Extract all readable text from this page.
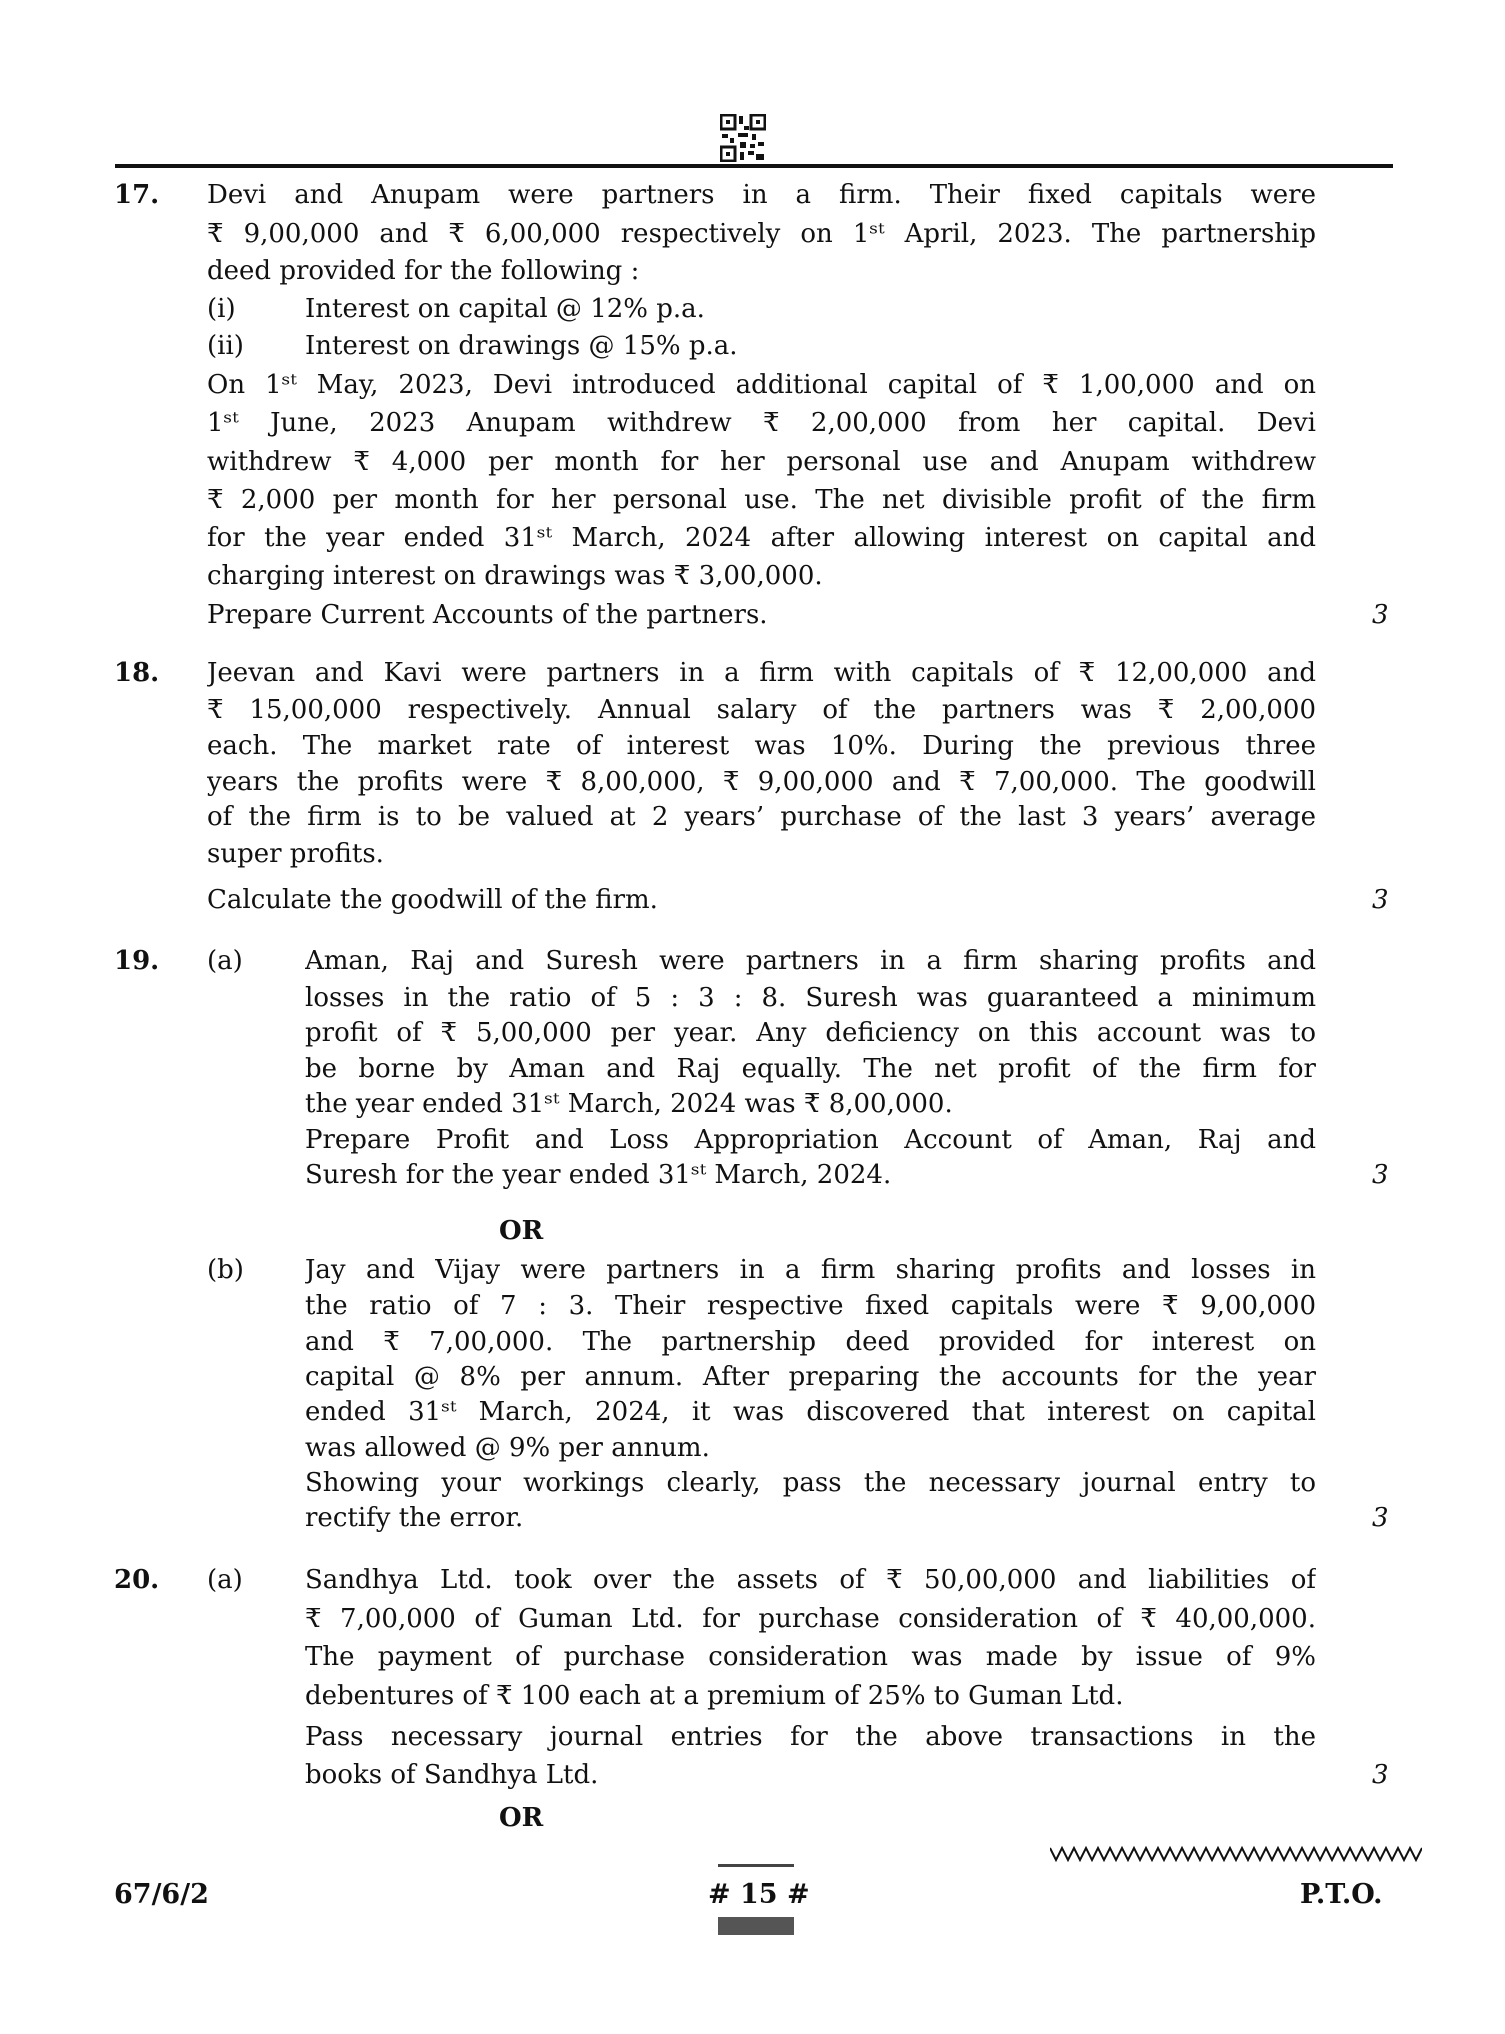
17. Devi and Anupam were partners in a firm. Their fixed capitals were
₹ 9,00,000 and ₹ 6,00,000 respectively on 1ˢᵗ April, 2023. The partnership
deed provided for the following :
(i)	Interest on capital @ 12% p.a.
(ii) Interest on drawings @ 15% p.a.
On 1ˢᵗ May, 2023, Devi introduced additional capital of ₹ 1,00,000 and on
1ˢᵗ June, 2023 Anupam withdrew ₹ 2,00,000 from her capital. Devi
withdrew ₹ 4,000 per month for her personal use and Anupam withdrew
₹ 2,000 per month for her personal use. The net divisible profit of the firm
for the year ended 31ˢᵗ March, 2024 after allowing interest on capital and
charging interest on drawings was ₹ 3,00,000.
Prepare Current Accounts of the partners.	3
18. Jeevan and Kavi were partners in a firm with capitals of ₹ 12,00,000 and
₹ 15,00,000 respectively. Annual salary of the partners was ₹ 2,00,000
each. The market rate of interest was 10%. During the previous three
years the profits were ₹ 8,00,000, ₹ 9,00,000 and ₹ 7,00,000. The goodwill
of the firm is to be valued at 2 years’ purchase of the last 3 years’ average
super profits.
Calculate the goodwill of the firm.	3
19. (a) Aman, Raj and Suresh were partners in a firm sharing profits and
losses in the ratio of 5 : 3 : 8. Suresh was guaranteed a minimum
profit of ₹ 5,00,000 per year. Any deficiency on this account was to
be borne by Aman and Raj equally. The net profit of the firm for
the year ended 31ˢᵗ March, 2024 was ₹ 8,00,000.
Prepare Profit and Loss Appropriation Account of Aman, Raj and
Suresh for the year ended 31ˢᵗ March, 2024.	3
OR
(b) Jay and Vijay were partners in a firm sharing profits and losses in
the ratio of 7 : 3. Their respective fixed capitals were ₹ 9,00,000
and ₹ 7,00,000. The partnership deed provided for interest on
capital @ 8% per annum. After preparing the accounts for the year
ended 31ˢᵗ March, 2024, it was discovered that interest on capital
was allowed @ 9% per annum.
Showing your workings clearly, pass the necessary journal entry to
rectify the error.	3
20. (a) Sandhya Ltd. took over the assets of ₹ 50,00,000 and liabilities of
₹ 7,00,000 of Guman Ltd. for purchase consideration of ₹ 40,00,000.
The payment of purchase consideration was made by issue of 9%
debentures of ₹ 100 each at a premium of 25% to Guman Ltd.
Pass necessary journal entries for the above transactions in the
books of Sandhya Ltd.	3
OR
67/6/2	# 15 #	P.T.O.
